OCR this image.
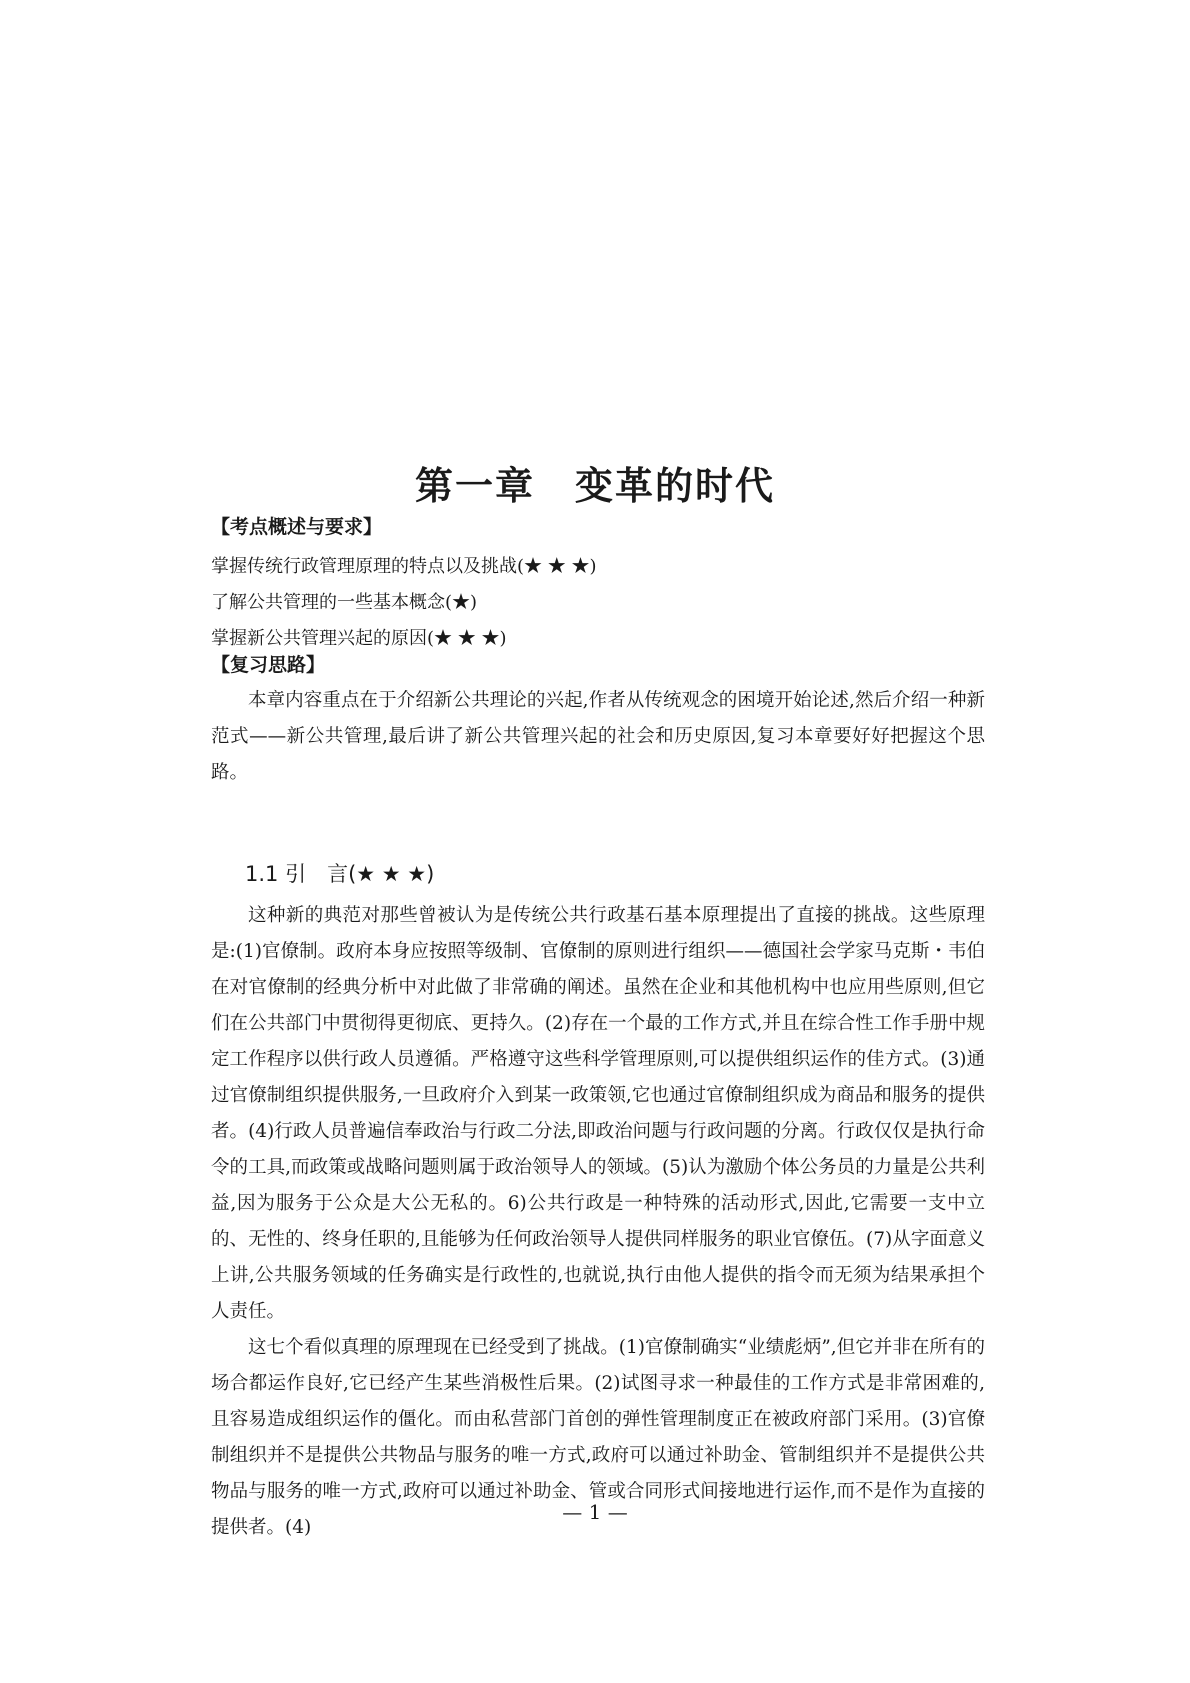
第一章　变革的时代

【考点概述与要求】

掌握传统行政管理原理的特点以及挑战(★ ★ ★)
了解公共管理的一些基本概念(★)
掌握新公共管理兴起的原因(★ ★ ★)

【复习思路】

本章内容重点在于介绍新公共理论的兴起,作者从传统观念的困境开始论述,然后介绍一种新范式——新公共管理,最后讲了新公共管理兴起的社会和历史原因,复习本章要好好把握这个思路。

1.1 引　言(★ ★ ★)

这种新的典范对那些曾被认为是传统公共行政基石基本原理提出了直接的挑战。这些原理是:(1)官僚制。政府本身应按照等级制、官僚制的原则进行组织——德国社会学家马克斯・韦伯在对官僚制的经典分析中对此做了非常确的阐述。虽然在企业和其他机构中也应用些原则,但它们在公共部门中贯彻得更彻底、更持久。(2)存在一个最的工作方式,并且在综合性工作手册中规定工作程序以供行政人员遵循。严格遵守这些科学管理原则,可以提供组织运作的佳方式。(3)通过官僚制组织提供服务,一旦政府介入到某一政策领,它也通过官僚制组织成为商品和服务的提供者。(4)行政人员普遍信奉政治与行政二分法,即政治问题与行政问题的分离。行政仅仅是执行命令的工具,而政策或战略问题则属于政治领导人的领域。(5)认为激励个体公务员的力量是公共利益,因为服务于公众是大公无私的。6)公共行政是一种特殊的活动形式,因此,它需要一支中立的、无性的、终身任职的,且能够为任何政治领导人提供同样服务的职业官僚伍。(7)从字面意义上讲,公共服务领域的任务确实是行政性的,也就说,执行由他人提供的指令而无须为结果承担个人责任。

这七个看似真理的原理现在已经受到了挑战。(1)官僚制确实“业绩彪炳”,但它并非在所有的场合都运作良好,它已经产生某些消极性后果。(2)试图寻求一种最佳的工作方式是非常困难的,且容易造成组织运作的僵化。而由私营部门首创的弹性管理制度正在被政府部门采用。(3)官僚制组织并不是提供公共物品与服务的唯一方式,政府可以通过补助金、管制组织并不是提供公共物品与服务的唯一方式,政府可以通过补助金、管或合同形式间接地进行运作,而不是作为直接的提供者。(4)

— 1 —
